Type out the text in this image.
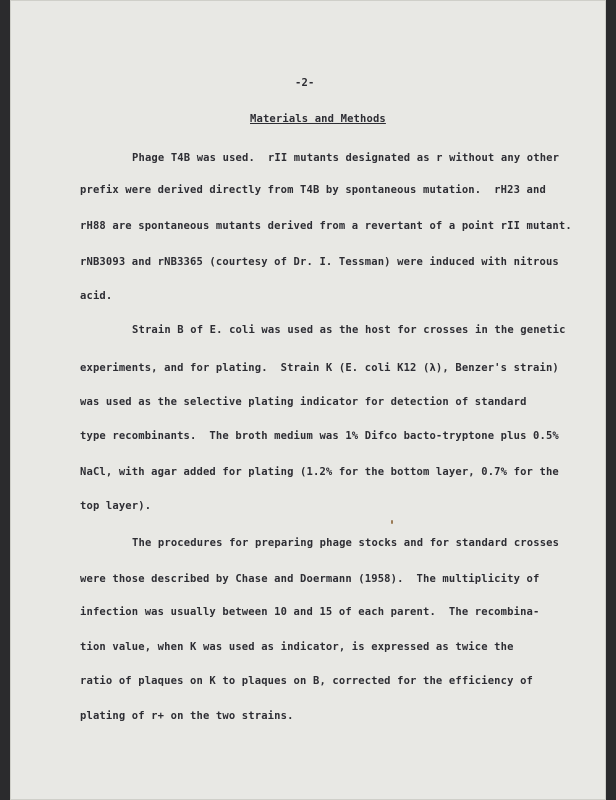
-2-
Materials and Methods
Phage T4B was used.  rII mutants designated as r without any other
prefix were derived directly from T4B by spontaneous mutation.  rH23 and
rH88 are spontaneous mutants derived from a revertant of a point rII mutant.
rNB3093 and rNB3365 (courtesy of Dr. I. Tessman) were induced with nitrous
acid.
Strain B of E. coli was used as the host for crosses in the genetic
experiments, and for plating.  Strain K (E. coli K12 (λ), Benzer's strain)
was used as the selective plating indicator for detection of standard
type recombinants.  The broth medium was 1% Difco bacto-tryptone plus 0.5%
NaCl, with agar added for plating (1.2% for the bottom layer, 0.7% for the
top layer).
The procedures for preparing phage stocks and for standard crosses
were those described by Chase and Doermann (1958).  The multiplicity of
infection was usually between 10 and 15 of each parent.  The recombina-
tion value, when K was used as indicator, is expressed as twice the
ratio of plaques on K to plaques on B, corrected for the efficiency of
plating of r+ on the two strains.
